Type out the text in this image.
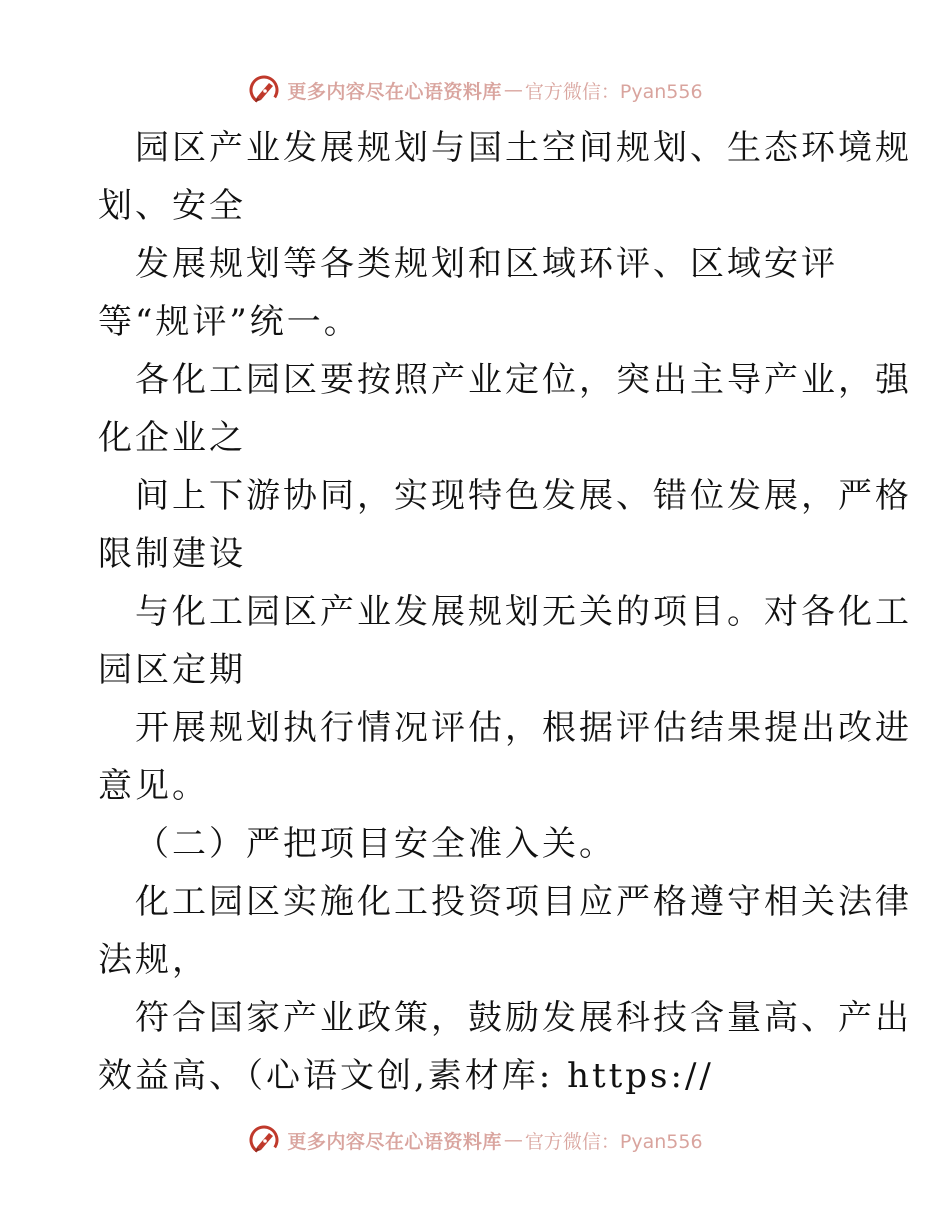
更多内容尽在心语资料库 — 官方微信：Pyan556
园区产业发展规划与国土空间规划、生态环境规
划、安全
发展规划等各类规划和区域环评、区域安评
等“规评”统一。
各化工园区要按照产业定位，突出主导产业，强
化企业之
间上下游协同，实现特色发展、错位发展，严格
限制建设
与化工园区产业发展规划无关的项目。对各化工
园区定期
开展规划执行情况评估，根据评估结果提出改进
意见。
（二）严把项目安全准入关。
化工园区实施化工投资项目应严格遵守相关法律
法规，
符合国家产业政策，鼓励发展科技含量高、产出
效益高、（心语文创,素材库: https://
更多内容尽在心语资料库 — 官方微信：Pyan556
